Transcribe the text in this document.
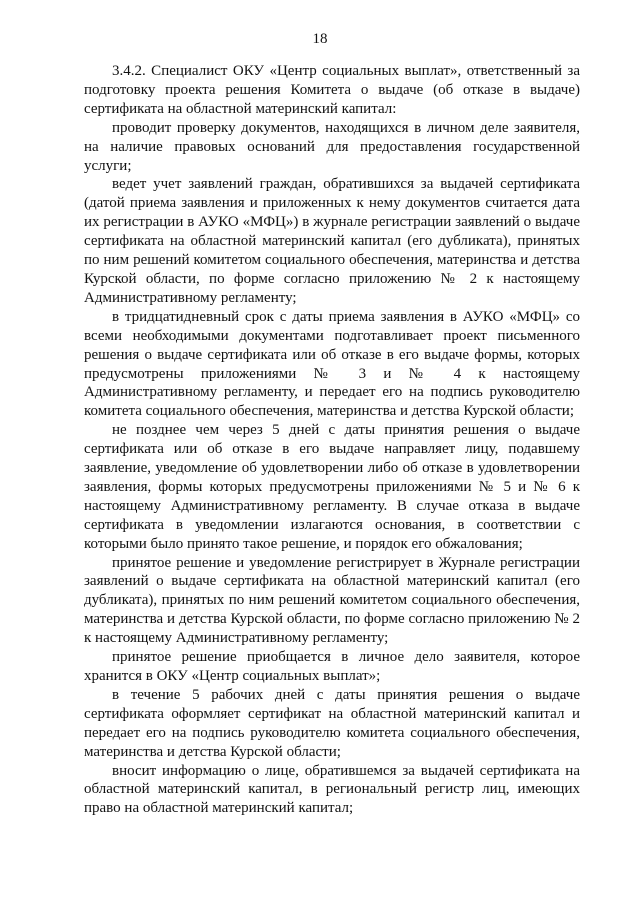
18

3.4.2. Специалист ОКУ «Центр социальных выплат», ответственный за подготовку проекта решения Комитета о выдаче (об отказе в выдаче) сертификата на областной материнский капитал:

проводит проверку документов, находящихся в личном деле заявителя, на наличие правовых оснований для предоставления государственной услуги;

ведет учет заявлений граждан, обратившихся за выдачей сертификата (датой приема заявления и приложенных к нему документов считается дата их регистрации в АУКО «МФЦ») в журнале регистрации заявлений о выдаче сертификата на областной материнский капитал (его дубликата), принятых по ним решений комитетом социального обеспечения, материнства и детства Курской области, по форме согласно приложению № 2 к настоящему Административному регламенту;

в тридцатидневный срок с даты приема заявления в АУКО «МФЦ» со всеми необходимыми документами подготавливает проект письменного решения о выдаче сертификата или об отказе в его выдаче формы, которых предусмотрены приложениями № 3 и № 4 к настоящему Административному регламенту, и передает его на подпись руководителю комитета социального обеспечения, материнства и детства Курской области;

не позднее чем через 5 дней с даты принятия решения о выдаче сертификата или об отказе в его выдаче направляет лицу, подавшему заявление, уведомление об удовлетворении либо об отказе в удовлетворении заявления, формы которых предусмотрены приложениями № 5 и № 6 к настоящему Административному регламенту. В случае отказа в выдаче сертификата в уведомлении излагаются основания, в соответствии с которыми было принято такое решение, и порядок его обжалования;

принятое решение и уведомление регистрирует в Журнале регистрации заявлений о выдаче сертификата на областной материнский капитал (его дубликата), принятых по ним решений комитетом социального обеспечения, материнства и детства Курской области, по форме согласно приложению № 2 к настоящему Административному регламенту;

принятое решение приобщается в личное дело заявителя, которое хранится в ОКУ «Центр социальных выплат»;

в течение 5 рабочих дней с даты принятия решения о выдаче сертификата оформляет сертификат на областной материнский капитал и передает его на подпись руководителю комитета социального обеспечения, материнства и детства Курской области;

вносит информацию о лице, обратившемся за выдачей сертификата на областной материнский капитал, в региональный регистр лиц, имеющих право на областной материнский капитал;
